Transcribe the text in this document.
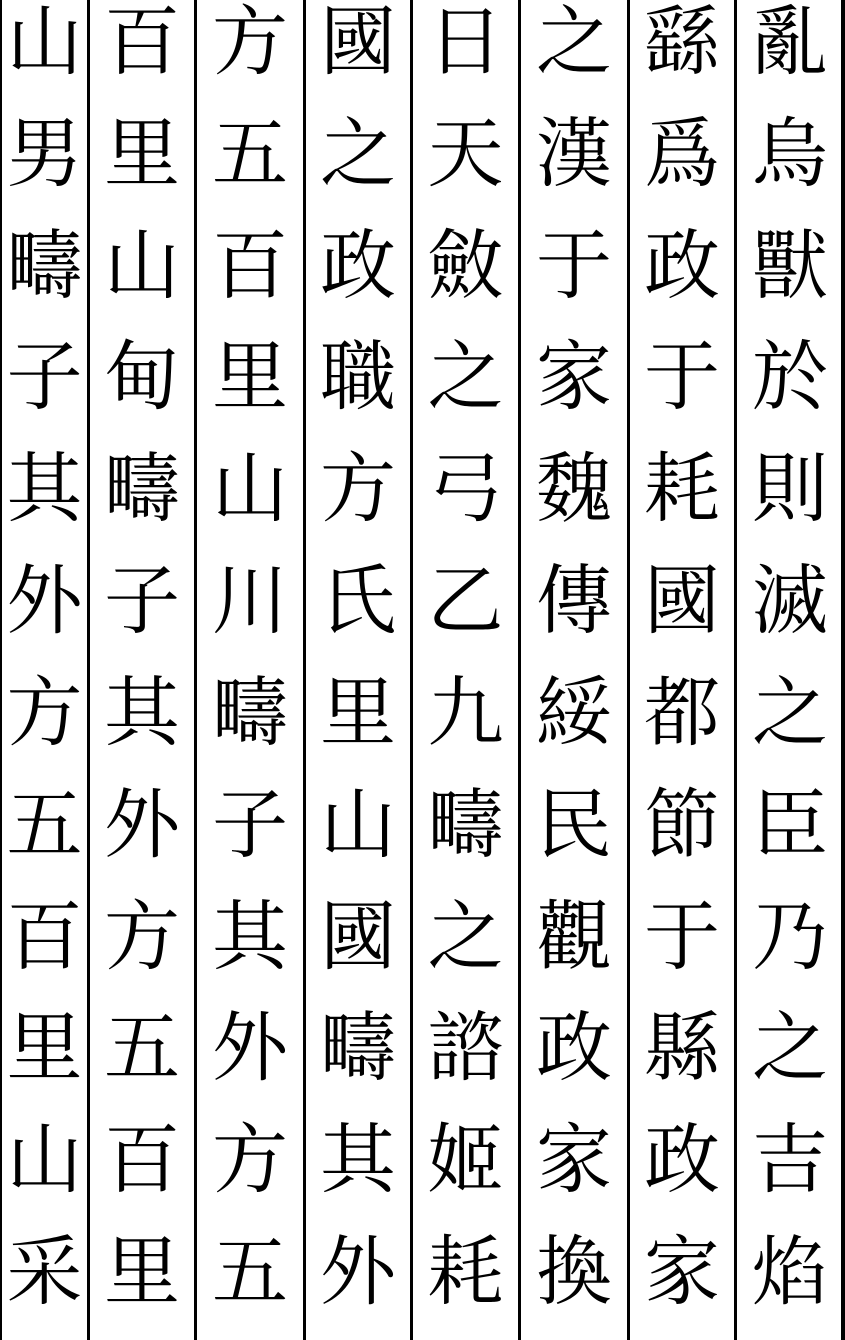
亂
烏
獸
於
則
滅
之
臣
乃
之
吉
焰
繇
爲
政
于
耗
國
都
節
于
縣
政
家
之
漢
于
家
魏
傳
綏
民
觀
政
家
換
日
天
斂
之
弓
乙
九
疇
之
諮
姬
耗
國
之
政
職
方
氏
里
山
國
疇
其
外
方
五
百
里
山
川
疇
子
其
外
方
五
百
里
山
甸
疇
子
其
外
方
五
百
里
山
男
疇
子
其
外
方
五
百
里
山
采
